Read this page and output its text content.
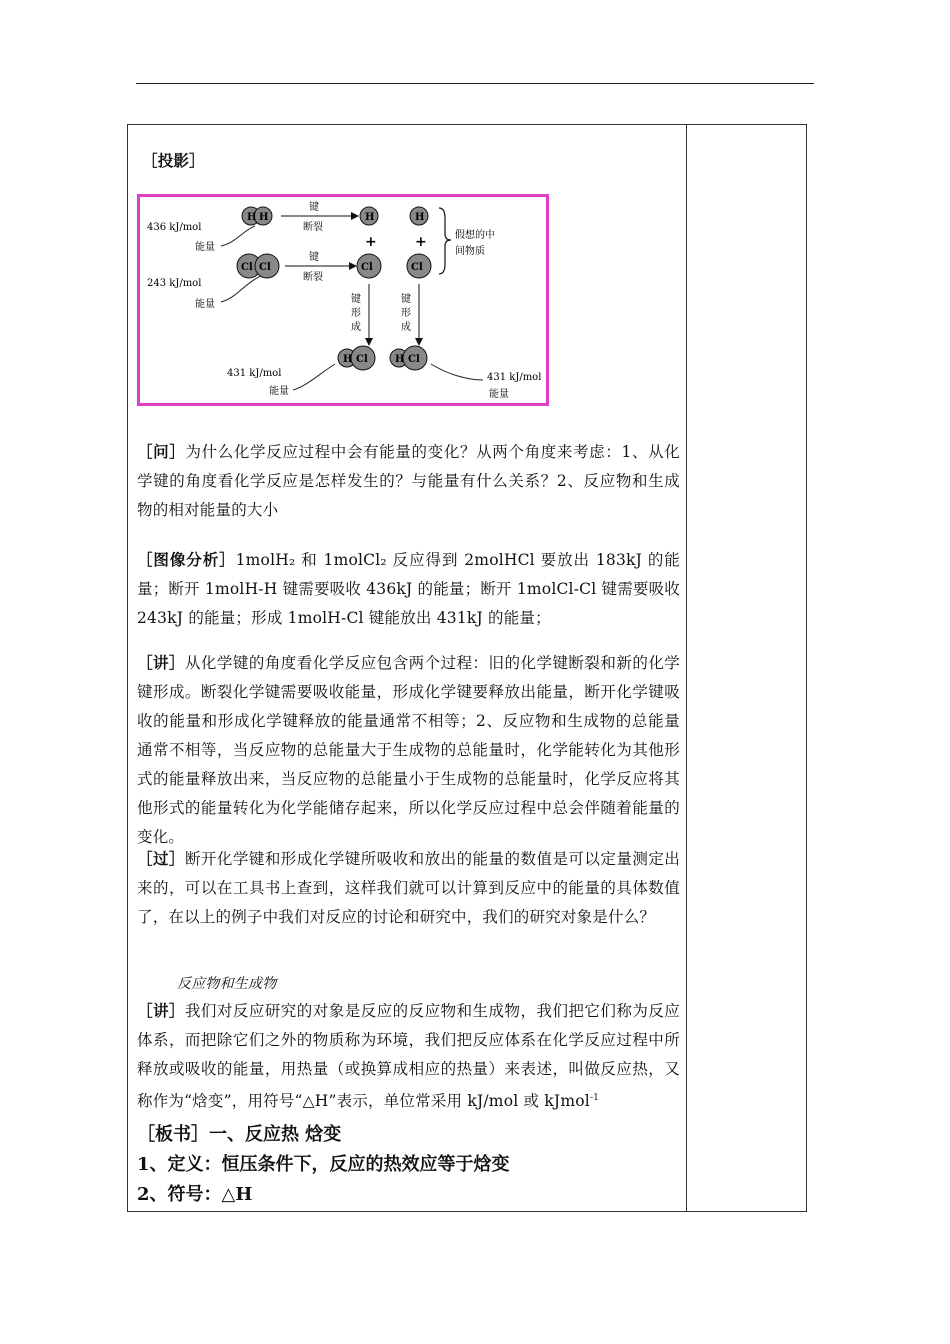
436 kJ/mol
能量
243 kJ/mol
能量
H H
Cl Cl
键
断裂
键
断裂
H
+
Cl
H
+
Cl
假想的中
间物质
键
形
成
键
形
成
H Cl	H Cl
431 kJ/mol
能量
431 kJ/mol
能量

［投影］

［问］为什么化学反应过程中会有能量的变化？从两个角度来考虑：1、从化学键的角度看化学反应是怎样发生的？与能量有什么关系？2、反应物和生成物的相对能量的大小

［图像分析］1molH₂ 和 1molCl₂ 反应得到 2molHCl 要放出 183kJ 的能量；断开 1molH-H 键需要吸收 436kJ 的能量；断开 1molCl-Cl 键需要吸收 243kJ 的能量；形成 1molH-Cl 键能放出 431kJ 的能量；

［讲］从化学键的角度看化学反应包含两个过程：旧的化学键断裂和新的化学键形成。断裂化学键需要吸收能量，形成化学键要释放出能量，断开化学键吸收的能量和形成化学键释放的能量通常不相等；2、反应物和生成物的总能量通常不相等，当反应物的总能量大于生成物的总能量时，化学能转化为其他形式的能量释放出来，当反应物的总能量小于生成物的总能量时，化学反应将其他形式的能量转化为化学能储存起来，所以化学反应过程中总会伴随着能量的变化。

［过］断开化学键和形成化学键所吸收和放出的能量的数值是可以定量测定出来的，可以在工具书上查到，这样我们就可以计算到反应中的能量的具体数值了，在以上的例子中我们对反应的讨论和研究中，我们的研究对象是什么？

反应物和生成物

［讲］我们对反应研究的对象是反应的反应物和生成物，我们把它们称为反应体系，而把除它们之外的物质称为环境，我们把反应体系在化学反应过程中所释放或吸收的能量，用热量（或换算成相应的热量）来表述，叫做反应热，又称作为“焓变”，用符号“△H”表示，单位常采用 kJ/mol 或 kJmol$^{-1}$

［板书］一、反应热 焓变

1、定义：恒压条件下，反应的热效应等于焓变

2、符号：△H
